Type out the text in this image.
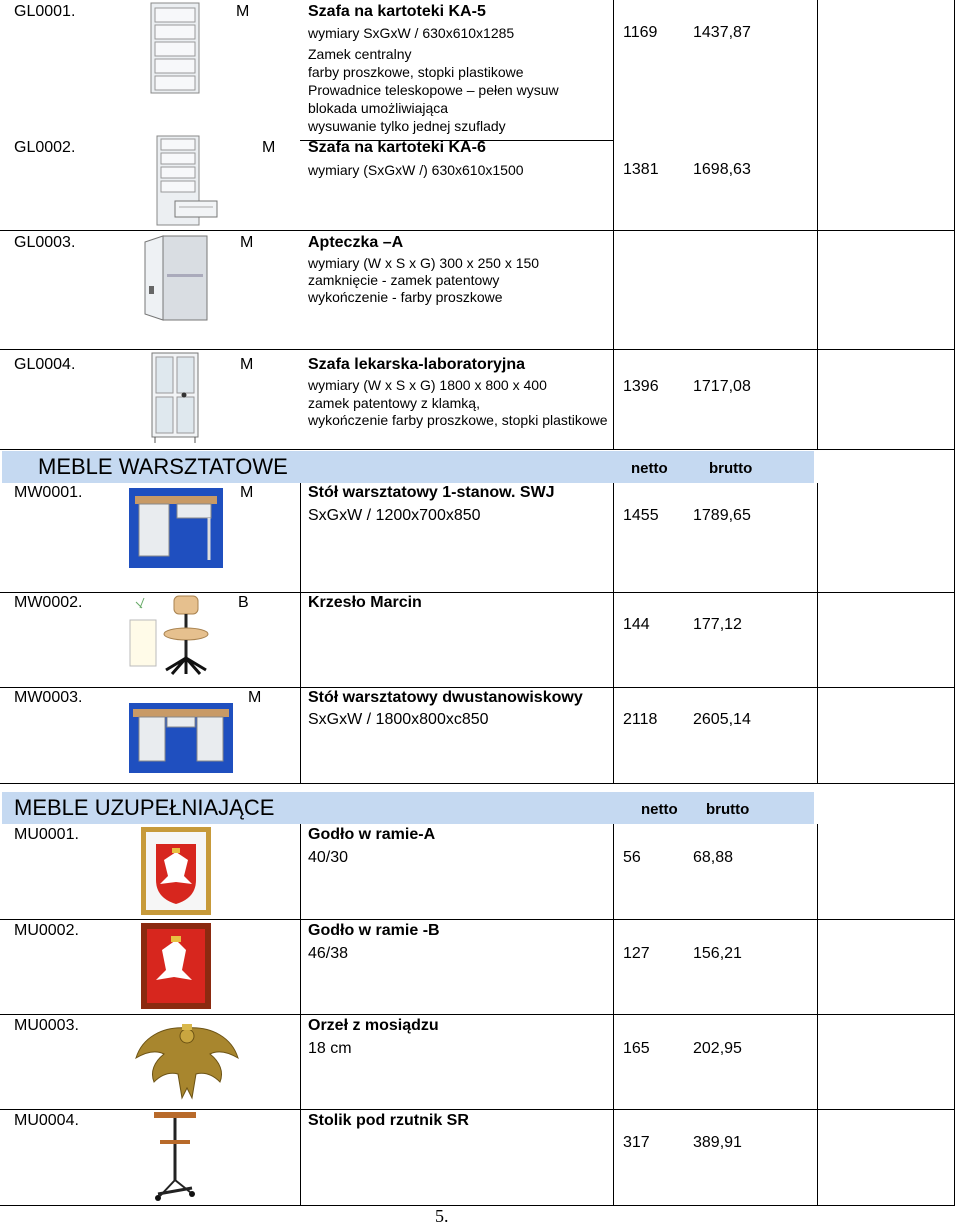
GL0001.	M	Szafa na kartoteki KA-5
wymiary SxGxW / 630x610x1285
Zamek centralny
farby proszkowe, stopki plastikowe
Prowadnice teleskopowe – pełen wysuw
blokada umożliwiająca
wysuwanie tylko jednej szuflady
1169 1437,87
GL0002.	M Szafa na kartoteki KA-6
wymiary (SxGxW /) 630x610x1500	1381 1698,63
GL0003.	M	Apteczka –A
wymiary (W x S x G) 300 x 250 x 150
zamknięcie - zamek patentowy
wykończenie - farby proszkowe
GL0004.	M	Szafa lekarska-laboratoryjna
wymiary (W x S x G) 1800 x 800 x 400
zamek patentowy z klamką,
wykończenie farby proszkowe, stopki plastikowe
1396 1717,08
MEBLE WARSZTATOWE	netto	brutto
MW0001.	M	Stół warsztatowy 1-stanow. SWJ
SxGxW / 1200x700x850	1455 1789,65
MW0002.	B	Krzesło Marcin
144	177,12
MW0003.	M	Stół warsztatowy dwustanowiskowy
SxGxW / 1800x800xc850	2118 2605,14
MEBLE UZUPEŁNIAJĄCE	netto brutto
MU0001.	Godło w ramie-A
40/30	56	68,88
MU0002.	Godło w ramie -B
46/38	127	156,21
MU0003.	Orzeł z mosiądzu
18 cm	165	202,95
MU0004.	Stolik pod rzutnik SR
317	389,91
5.
